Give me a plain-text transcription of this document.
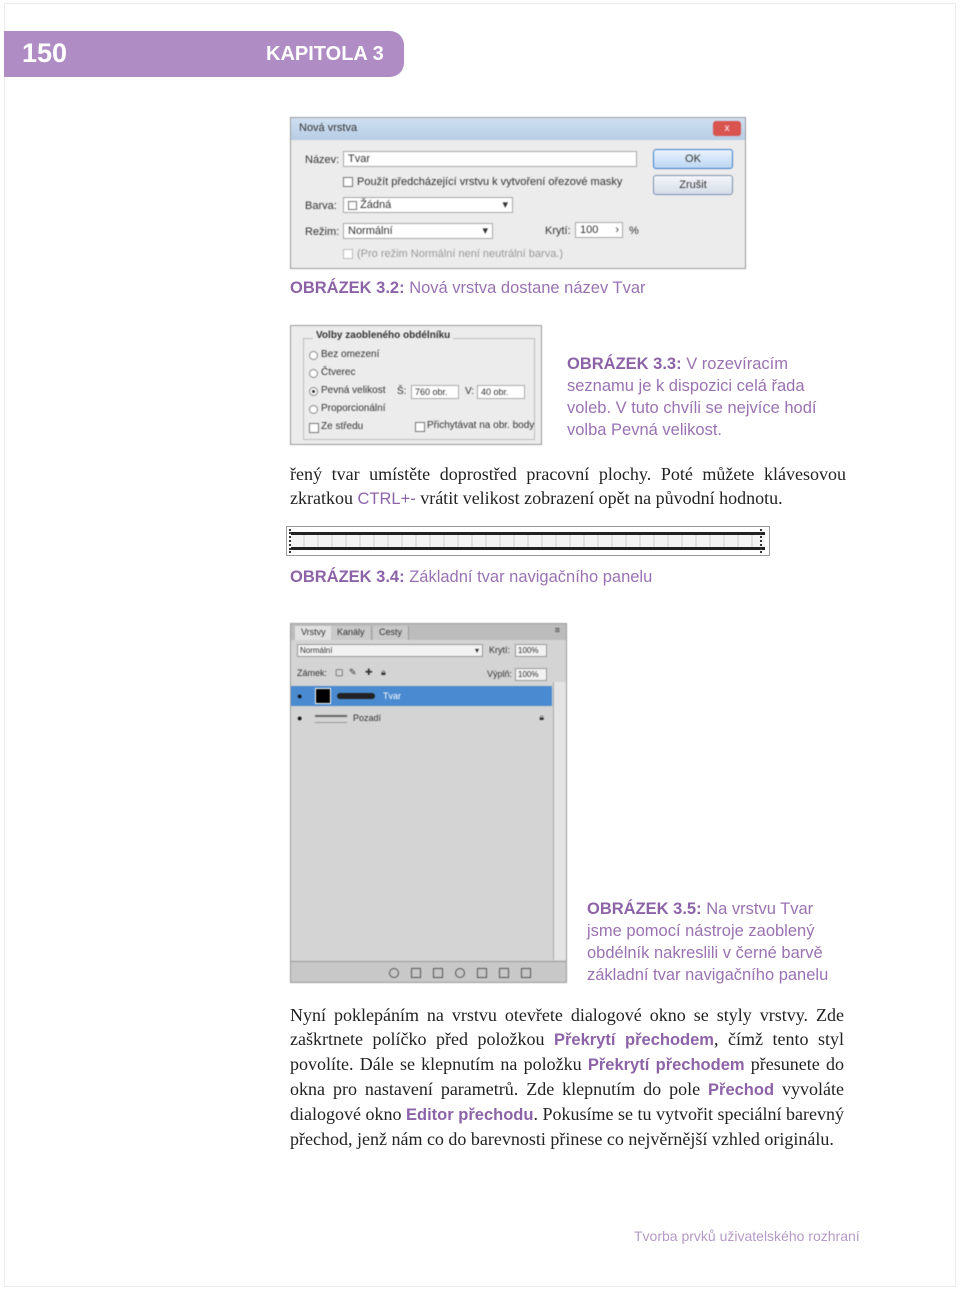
150	KAPITOLA 3
Nová vrstva	x
Název: Tvar
Použít předcházející vrstvu k vytvoření ořezové masky
Barva:	Žádná	▾
Režim: Normální	▾	Krytí: 100 › %
(Pro režim Normální není neutrální barva.)
OK
Zrušit
OBRÁZEK 3.2: Nová vrstva dostane název Tvar
Volby zaobleného obdélníku
Bez omezení
Čtverec
Pevná velikost
Proporcionální
Ze středu
Š: 760 obr.	V: 40 obr.
Přichytávat na obr. body
OBRÁZEK 3.3: V rozevíracím seznamu je k dispozici celá řada voleb. V tuto chvíli se nejvíce hodí volba Pevná velikost.
řený tvar umístěte doprostřed pracovní plochy. Poté můžete klávesovou zkratkou CTRL+- vrátit velikost zobrazení opět na původní hodnotu.
OBRÁZEK 3.4: Základní tvar navigačního panelu
Vrstvy	Kanály	Cesty	≡
Normální	▾ Krytí: 100%
Zámek: ▢ ✎ ✚ 🔒︎	Výplň: 100%
●	Tvar
●	Pozadí	🔒︎
OBRÁZEK 3.5: Na vrstvu Tvar jsme pomocí nástroje zaoblený obdélník nakreslili v černé barvě základní tvar navigačního panelu
Nyní poklepáním na vrstvu otevřete dialogové okno se styly vrstvy. Zde zaškrtnete políčko před položkou Překrytí přechodem, čímž tento styl povolíte. Dále se klepnutím na položku Překrytí přechodem přesunete do okna pro nastavení parametrů. Zde klepnutím do pole Přechod vyvoláte dialogové okno Editor přechodu. Pokusíme se tu vytvořit speciální barevný přechod, jenž nám co do barevnosti přinese co nejvěrnější vzhled originálu.
Tvorba prvků uživatelského rozhraní
